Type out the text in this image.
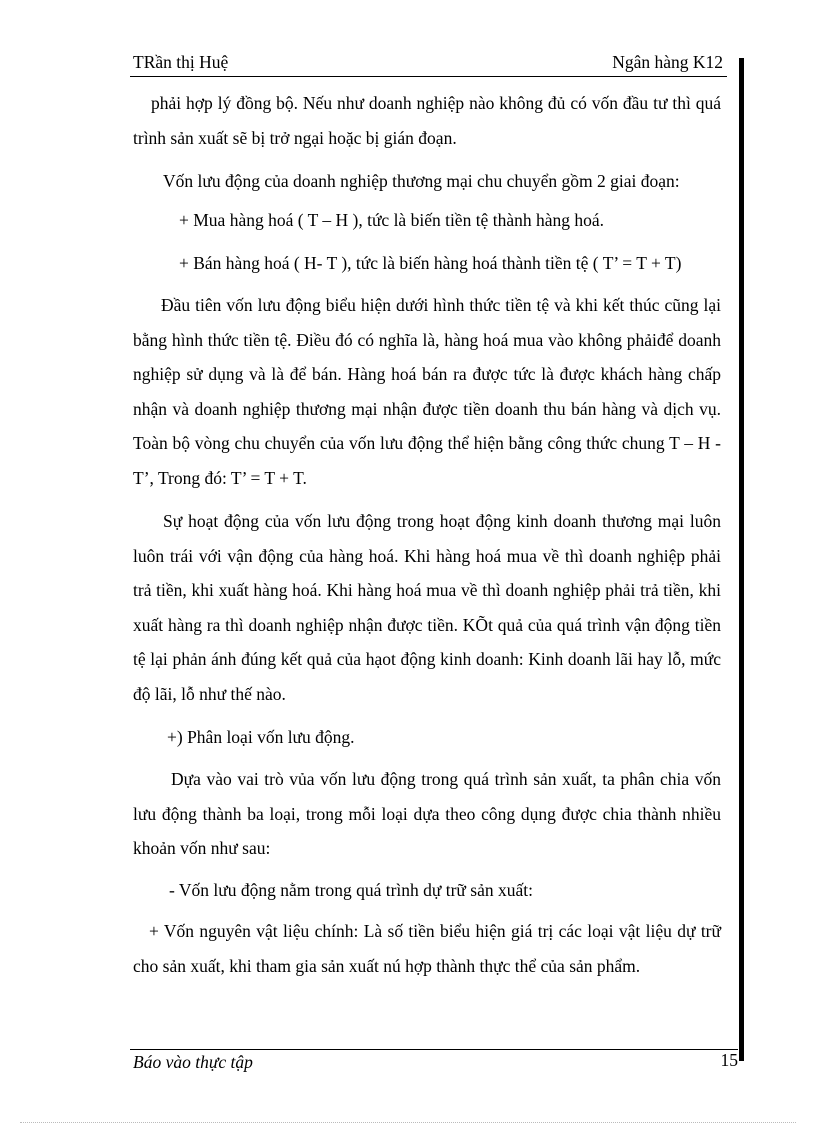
TRần thị Huệ	Ngân hàng K12
phải hợp lý đồng bộ. Nếu như doanh nghiệp nào không đủ có vốn đầu tư thì quá trình sản xuất sẽ bị trở ngại hoặc bị gián đoạn.
Vốn lưu động của doanh nghiệp thương mại chu chuyển gồm 2 giai đoạn:
+ Mua hàng hoá ( T – H ), tức là biến tiền tệ thành hàng hoá.
+ Bán hàng hoá ( H- T ), tức là biến hàng hoá thành tiền tệ ( T’ = T + T)
Đầu tiên vốn lưu động biểu hiện dưới hình thức tiền tệ và khi kết thúc cũng lại bằng hình thức tiền tệ. Điều đó có nghĩa là, hàng hoá mua vào không phảiđể doanh nghiệp sử dụng và là để bán. Hàng hoá bán ra được tức là được khách hàng chấp nhận và doanh nghiệp thương mại nhận được tiền doanh thu bán hàng và dịch vụ. Toàn bộ vòng chu chuyển của vốn lưu động thể hiện bằng công thức chung T – H - T’, Trong đó: T’ = T + T.
Sự hoạt động của vốn lưu động trong hoạt động kinh doanh thương mại luôn luôn trái với vận động của hàng hoá. Khi hàng hoá mua về thì doanh nghiệp phải trả tiền, khi xuất hàng hoá. Khi hàng hoá mua về thì doanh nghiệp phải trả tiền, khi xuất hàng ra thì doanh nghiệp nhận được tiền. KÕt quả của quá trình vận động tiền tệ lại phản ánh đúng kết quả của hạot động kinh doanh: Kinh doanh lãi hay lỗ, mức độ lãi, lỗ như thế nào.
+) Phân loại vốn lưu động.
Dựa vào vai trò vủa vốn lưu động trong quá trình sản xuất, ta phân chia vốn lưu động thành ba loại, trong mỗi loại dựa theo công dụng được chia thành nhiều khoản vốn như sau:
- Vốn lưu động nằm trong quá trình dự trữ sản xuất:
+ Vốn nguyên vật liệu chính: Là số tiền biểu hiện giá trị các loại vật liệu dự trữ cho sản xuất, khi tham gia sản xuất nú hợp thành thực thể của sản phẩm.
Báo vào thực tập	15
